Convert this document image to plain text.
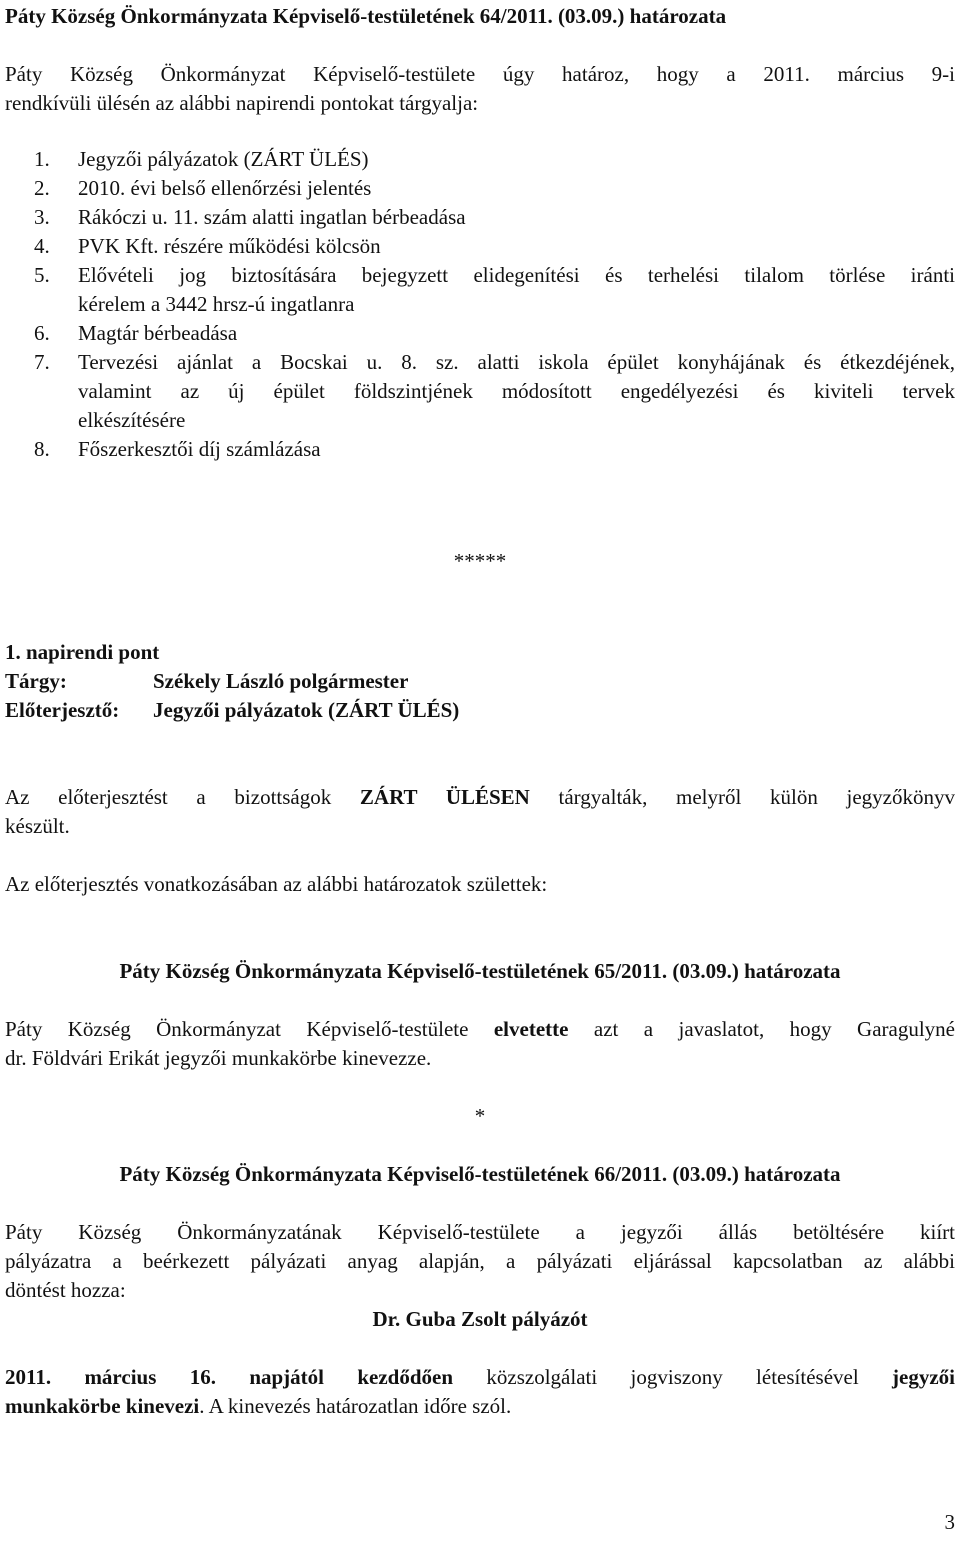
Páty Község Önkormányzata Képviselő-testületének 64/2011. (03.09.) határozata
Páty Község Önkormányzat Képviselő-testülete úgy határoz, hogy a 2011. március 9-i
rendkívüli ülésén az alábbi napirendi pontokat tárgyalja:
1. Jegyzői pályázatok (ZÁRT ÜLÉS)
2. 2010. évi belső ellenőrzési jelentés
3. Rákóczi u. 11. szám alatti ingatlan bérbeadása
4. PVK Kft. részére működési kölcsön
5. Elővételi jog biztosítására bejegyzett elidegenítési és terhelési tilalom törlése iránti
kérelem a 3442 hrsz-ú ingatlanra
6. Magtár bérbeadása
7. Tervezési ajánlat a Bocskai u. 8. sz. alatti iskola épület konyhájának és étkezdéjének,
valamint az új épület földszintjének módosított engedélyezési és kiviteli tervek
elkészítésére
8. Főszerkesztői díj számlázása
*****
1. napirendi pont
Tárgy:	Székely László polgármester
Előterjesztő: Jegyzői pályázatok (ZÁRT ÜLÉS)
Az előterjesztést a bizottságok ZÁRT ÜLÉSEN tárgyalták, melyről külön jegyzőkönyv
készült.
Az előterjesztés vonatkozásában az alábbi határozatok születtek:
Páty Község Önkormányzata Képviselő-testületének 65/2011. (03.09.) határozata
Páty Község Önkormányzat Képviselő-testülete elvetette azt a javaslatot, hogy Garagulyné
dr. Földvári Erikát jegyzői munkakörbe kinevezze.
*
Páty Község Önkormányzata Képviselő-testületének 66/2011. (03.09.) határozata
Páty Község Önkormányzatának Képviselő-testülete a jegyzői állás betöltésére kiírt
pályázatra a beérkezett pályázati anyag alapján, a pályázati eljárással kapcsolatban az alábbi
döntést hozza:
Dr. Guba Zsolt pályázót
2011. március 16. napjától kezdődően közszolgálati jogviszony létesítésével jegyzői
munkakörbe kinevezi. A kinevezés határozatlan időre szól.
3
